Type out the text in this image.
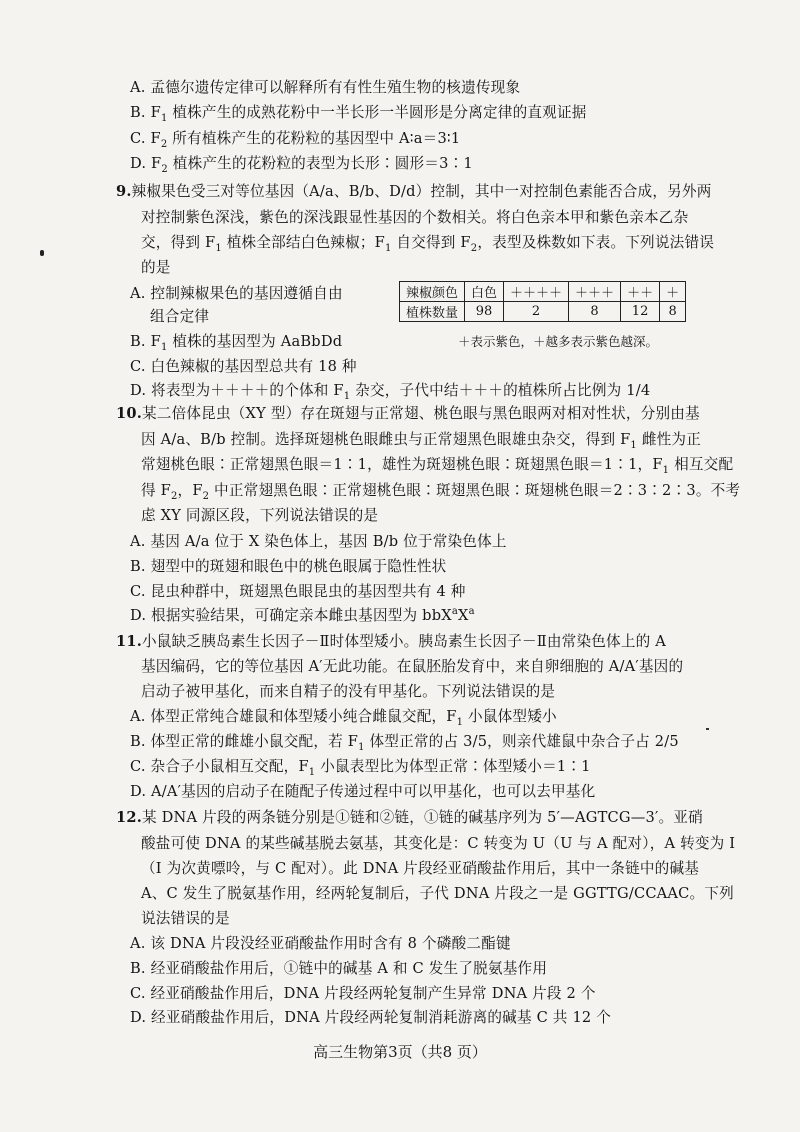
A. 孟德尔遗传定律可以解释所有有性生殖生物的核遗传现象
B. $F_1$ 植株产生的成熟花粉中一半长形一半圆形是分离定律的直观证据
C. $F_2$ 所有植株产生的花粉粒的基因型中 A∶a＝3∶1
D. $F_2$ 植株产生的花粉粒的表型为长形∶圆形＝3∶1
9.辣椒果色受三对等位基因（A/a、B/b、D/d）控制，其中一对控制色素能否合成，另外两
对控制紫色深浅，紫色的深浅跟显性基因的个数相关。将白色亲本甲和紫色亲本乙杂
交，得到 $F_1$ 植株全部结白色辣椒；$F_1$ 自交得到 $F_2$，表型及株数如下表。下列说法错误
的是
A. 控制辣椒果色的基因遵循自由
组合定律
B. $F_1$ 植株的基因型为 AaBbDd
C. 白色辣椒的基因型总共有 18 种
D. 将表型为＋＋＋＋的个体和 $F_1$ 杂交，子代中结＋＋＋的植株所占比例为 1/4
辣椒颜色	白色	＋＋＋＋	＋＋＋	＋＋	＋
植株数量	98	2	8	12	8
＋表示紫色，＋越多表示紫色越深。
10.某二倍体昆虫（XY 型）存在斑翅与正常翅、桃色眼与黑色眼两对相对性状，分别由基
因 A/a、B/b 控制。选择斑翅桃色眼雌虫与正常翅黑色眼雄虫杂交，得到 $F_1$ 雌性为正
常翅桃色眼∶正常翅黑色眼＝1∶1，雄性为斑翅桃色眼∶斑翅黑色眼＝1∶1，$F_1$ 相互交配
得 $F_2$，$F_2$ 中正常翅黑色眼∶正常翅桃色眼∶斑翅黑色眼∶斑翅桃色眼＝2∶3∶2∶3。不考
虑 XY 同源区段，下列说法错误的是
A. 基因 A/a 位于 X 染色体上，基因 B/b 位于常染色体上
B. 翅型中的斑翅和眼色中的桃色眼属于隐性性状
C. 昆虫种群中，斑翅黑色眼昆虫的基因型共有 4 种
D. 根据实验结果，可确定亲本雌虫基因型为 $bbX^aX^a$
11.小鼠缺乏胰岛素生长因子－Ⅱ时体型矮小。胰岛素生长因子－Ⅱ由常染色体上的 A
基因编码，它的等位基因 A′无此功能。在鼠胚胎发育中，来自卵细胞的 A/A′基因的
启动子被甲基化，而来自精子的没有甲基化。下列说法错误的是
A. 体型正常纯合雄鼠和体型矮小纯合雌鼠交配，$F_1$ 小鼠体型矮小
B. 体型正常的雌雄小鼠交配，若 $F_1$ 体型正常的占 3/5，则亲代雄鼠中杂合子占 2/5
C. 杂合子小鼠相互交配，$F_1$ 小鼠表型比为体型正常∶体型矮小＝1∶1
D. A/A′基因的启动子在随配子传递过程中可以甲基化，也可以去甲基化
12.某 DNA 片段的两条链分别是①链和②链，①链的碱基序列为 5′—AGTCG—3′。亚硝
酸盐可使 DNA 的某些碱基脱去氨基，其变化是：C 转变为 U（U 与 A 配对），A 转变为 I
（I 为次黄嘌呤，与 C 配对）。此 DNA 片段经亚硝酸盐作用后，其中一条链中的碱基
A、C 发生了脱氨基作用，经两轮复制后，子代 DNA 片段之一是 GGTTG/CCAAC。下列
说法错误的是
A. 该 DNA 片段没经亚硝酸盐作用时含有 8 个磷酸二酯键
B. 经亚硝酸盐作用后，①链中的碱基 A 和 C 发生了脱氨基作用
C. 经亚硝酸盐作用后，DNA 片段经两轮复制产生异常 DNA 片段 2 个
D. 经亚硝酸盐作用后，DNA 片段经两轮复制消耗游离的碱基 C 共 12 个
高三生物第3页（共8 页）
